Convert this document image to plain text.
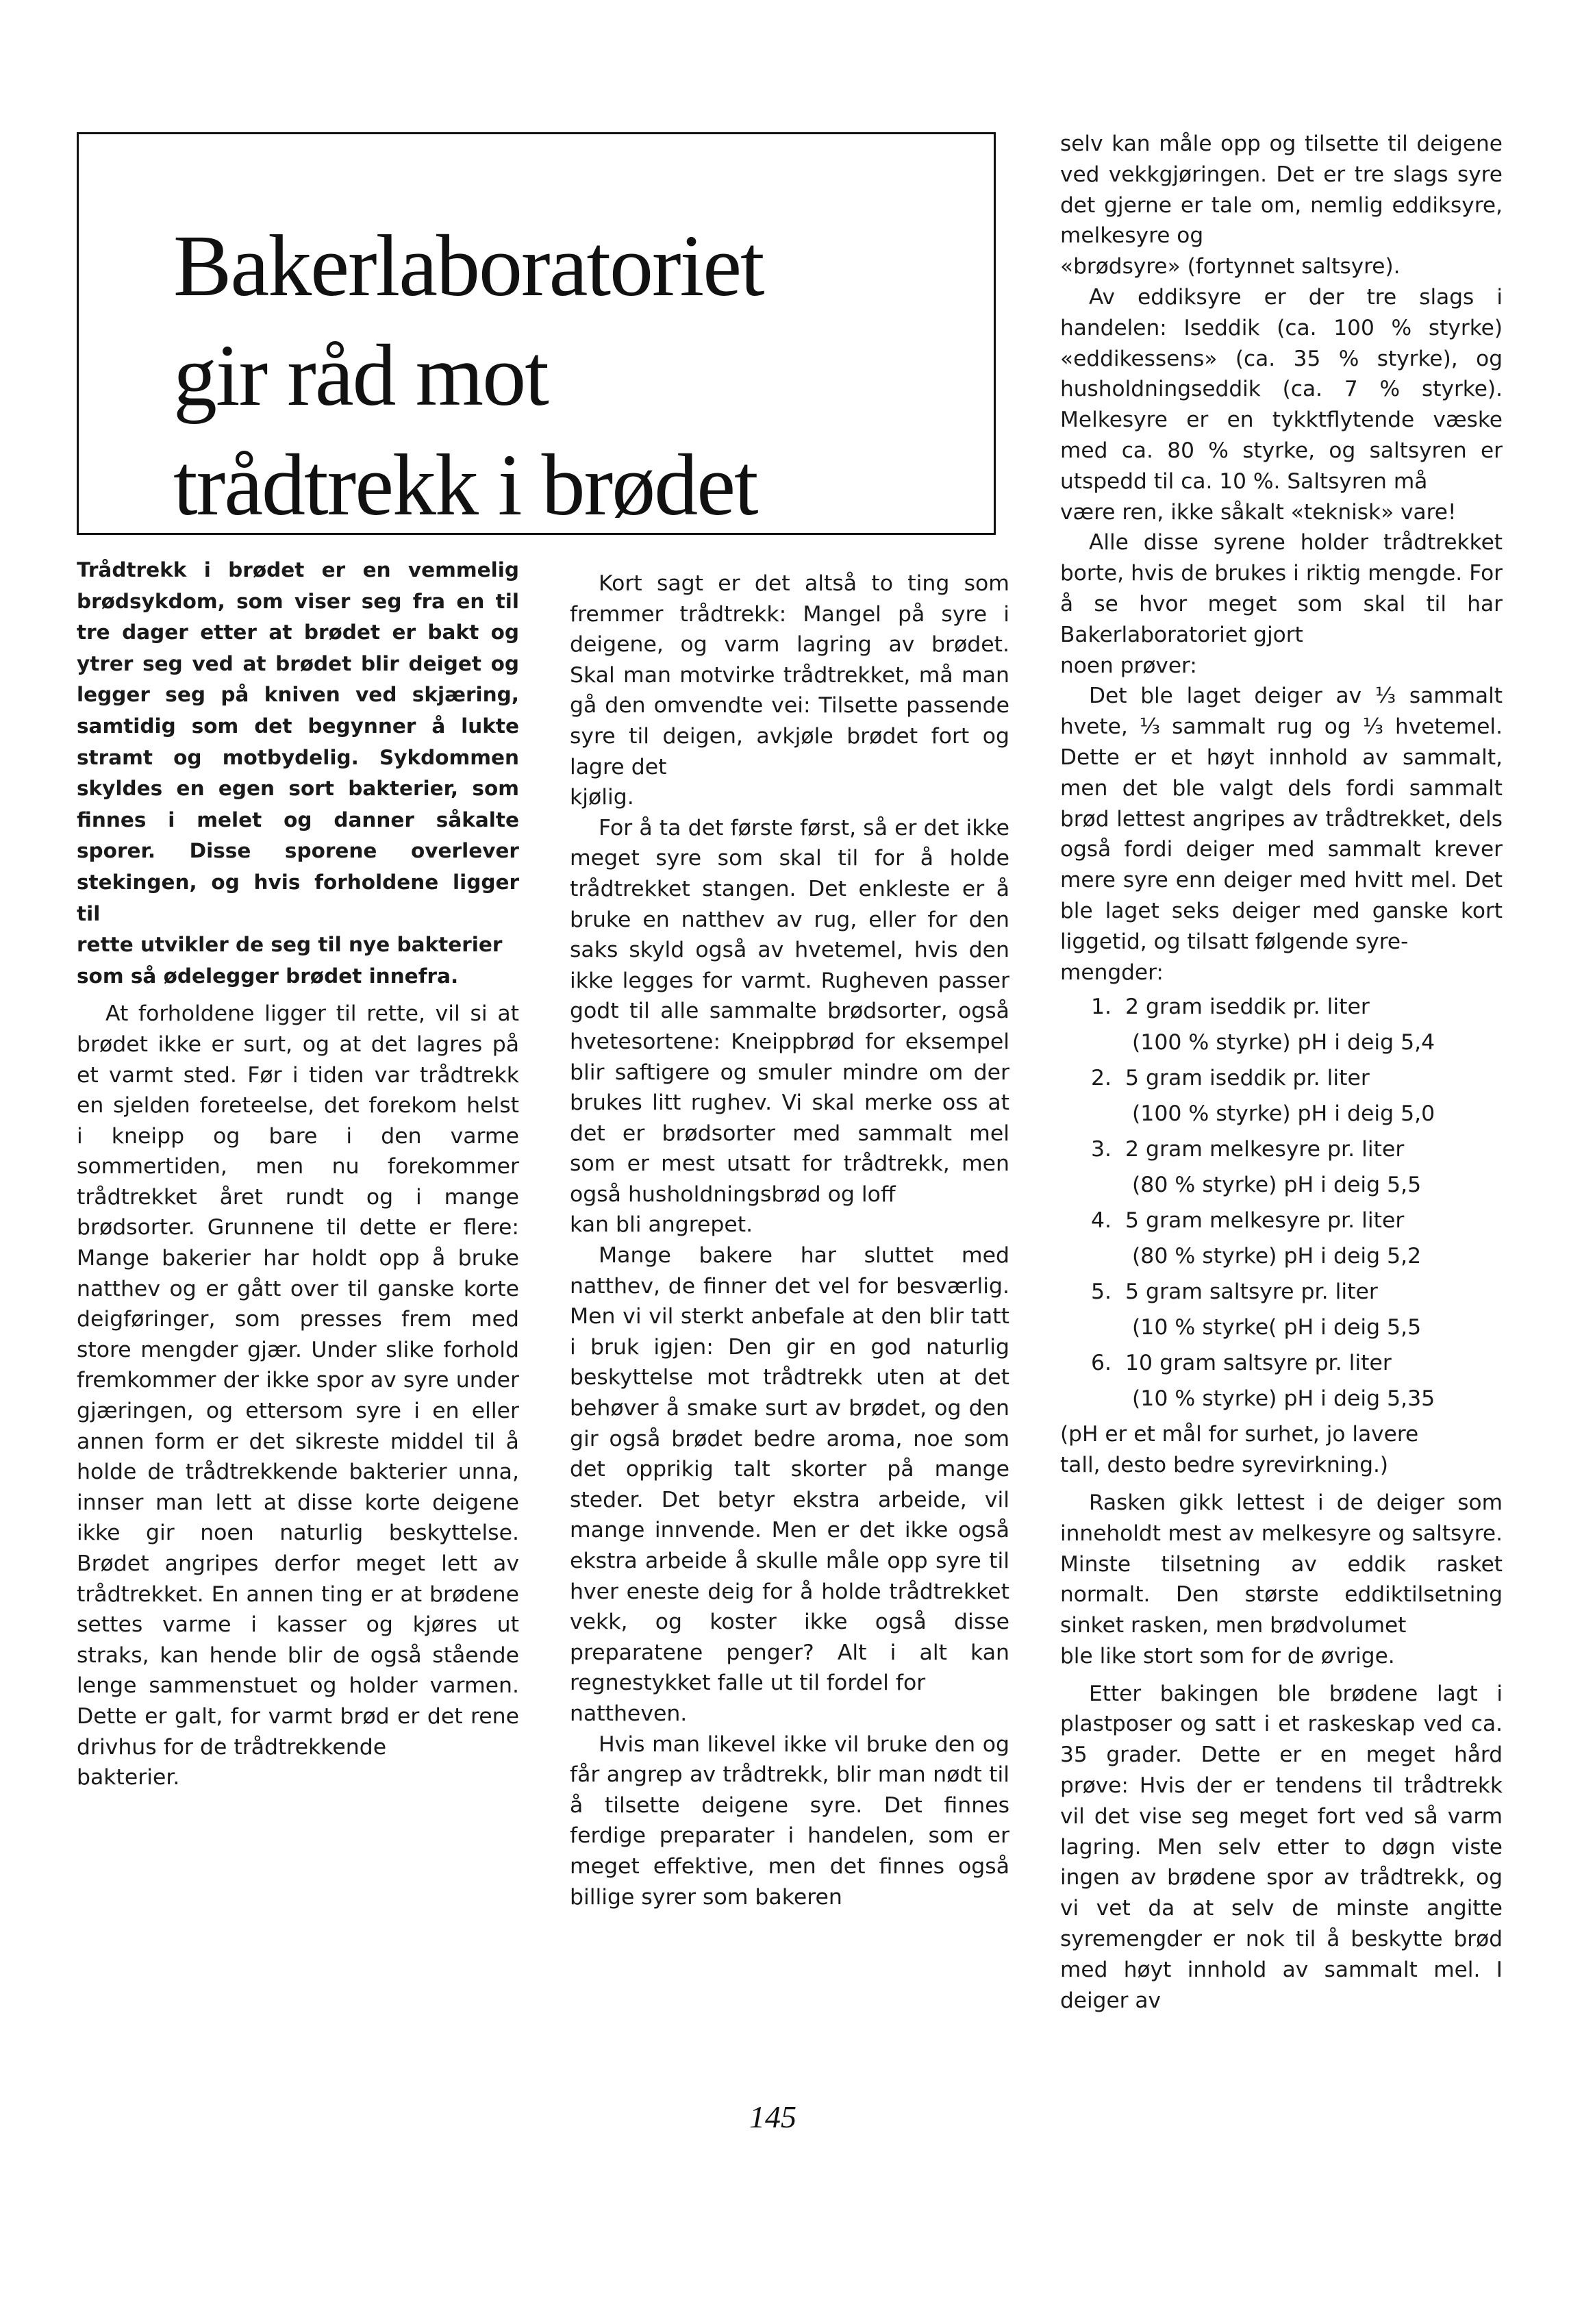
Bakerlaboratoriet
gir råd mot
trådtrekk i brødet

Trådtrekk i brødet er en vemmelig brødsykdom, som viser seg fra en til tre dager etter at brødet er bakt og ytrer seg ved at brødet blir deiget og legger seg på kniven ved skjæring, samtidig som det begynner å lukte stramt og motbydelig. Sykdommen skyldes en egen sort bakterier, som finnes i melet og danner såkalte sporer. Disse sporene overlever stekingen, og hvis forholdene ligger til

rette utvikler de seg til nye bakterier som så ødelegger brødet innefra.

At forholdene ligger til rette, vil si at brødet ikke er surt, og at det lagres på et varmt sted. Før i tiden var trådtrekk en sjelden foreteelse, det forekom helst i kneipp og bare i den varme sommertiden, men nu forekommer trådtrekket året rundt og i mange brødsorter. Grunnene til dette er flere: Mange bakerier har holdt opp å bruke natthev og er gått over til ganske korte deigføringer, som presses frem med store mengder gjær. Under slike forhold fremkommer der ikke spor av syre under gjæringen, og ettersom syre i en eller annen form er det sikreste middel til å holde de trådtrekkende bakterier unna, innser man lett at disse korte deigene ikke gir noen naturlig beskyttelse. Brødet angripes derfor meget lett av trådtrekket. En annen ting er at brødene settes varme i kasser og kjøres ut straks, kan hende blir de også stående lenge sammenstuet og holder varmen. Dette er galt, for varmt brød er det rene drivhus for de trådtrekkende

bakterier.

Kort sagt er det altså to ting som fremmer trådtrekk: Mangel på syre i deigene, og varm lagring av brødet. Skal man motvirke trådtrekket, må man gå den omvendte vei: Tilsette passende syre til deigen, avkjøle brødet fort og lagre det

kjølig.

For å ta det første først, så er det ikke meget syre som skal til for å holde trådtrekket stangen. Det enkleste er å bruke en natthev av rug, eller for den saks skyld også av hvetemel, hvis den ikke legges for varmt. Rugheven passer godt til alle sammalte brødsorter, også hvetesortene: Kneippbrød for eksempel blir saftigere og smuler mindre om der brukes litt rughev. Vi skal merke oss at det er brødsorter med sammalt mel som er mest utsatt for trådtrekk, men også husholdningsbrød og loff

kan bli angrepet.

Mange bakere har sluttet med natthev, de finner det vel for besværlig. Men vi vil sterkt anbefale at den blir tatt i bruk igjen: Den gir en god naturlig beskyttelse mot trådtrekk uten at det behøver å smake surt av brødet, og den gir også brødet bedre aroma, noe som det opprikig talt skorter på mange steder. Det betyr ekstra arbeide, vil mange innvende. Men er det ikke også ekstra arbeide å skulle måle opp syre til hver eneste deig for å holde trådtrekket vekk, og koster ikke også disse preparatene penger? Alt i alt kan regnestykket falle ut til fordel for

nattheven.

Hvis man likevel ikke vil bruke den og får angrep av trådtrekk, blir man nødt til å tilsette deigene syre. Det finnes ferdige preparater i handelen, som er meget effektive, men det finnes også billige syrer som bakeren

selv kan måle opp og tilsette til deigene ved vekkgjøringen. Det er tre slags syre det gjerne er tale om, nemlig eddiksyre, melkesyre og

«brødsyre» (fortynnet saltsyre).

Av eddiksyre er der tre slags i handelen: Iseddik (ca. 100 % styrke) «eddikessens» (ca. 35 % styrke), og husholdningseddik (ca. 7 % styrke). Melkesyre er en tykktflytende væske med ca. 80 % styrke, og saltsyren er utspedd til ca. 10 %. Saltsyren må

være ren, ikke såkalt «teknisk» vare!

Alle disse syrene holder trådtrekket borte, hvis de brukes i riktig mengde. For å se hvor meget som skal til har Bakerlaboratoriet gjort

noen prøver:

Det ble laget deiger av ⅓ sammalt hvete, ⅓ sammalt rug og ⅓ hvetemel. Dette er et høyt innhold av sammalt, men det ble valgt dels fordi sammalt brød lettest angripes av trådtrekket, dels også fordi deiger med sammalt krever mere syre enn deiger med hvitt mel. Det ble laget seks deiger med ganske kort liggetid, og tilsatt følgende syre-

mengder:

1. 2 gram iseddik pr. liter
(100 % styrke) pH i deig 5,4
2. 5 gram iseddik pr. liter
(100 % styrke) pH i deig 5,0
3. 2 gram melkesyre pr. liter
(80 % styrke) pH i deig 5,5
4. 5 gram melkesyre pr. liter
(80 % styrke) pH i deig 5,2
5. 5 gram saltsyre pr. liter
(10 % styrke( pH i deig 5,5
6. 10 gram saltsyre pr. liter
(10 % styrke) pH i deig 5,35

(pH er et mål for surhet, jo lavere

tall, desto bedre syrevirkning.)

Rasken gikk lettest i de deiger som inneholdt mest av melkesyre og saltsyre. Minste tilsetning av eddik rasket normalt. Den største eddiktilsetning sinket rasken, men brødvolumet

ble like stort som for de øvrige.

Etter bakingen ble brødene lagt i plastposer og satt i et raskeskap ved ca. 35 grader. Dette er en meget hård prøve: Hvis der er tendens til trådtrekk vil det vise seg meget fort ved så varm lagring. Men selv etter to døgn viste ingen av brødene spor av trådtrekk, og vi vet da at selv de minste angitte syremengder er nok til å beskytte brød med høyt innhold av sammalt mel. I deiger av

145
